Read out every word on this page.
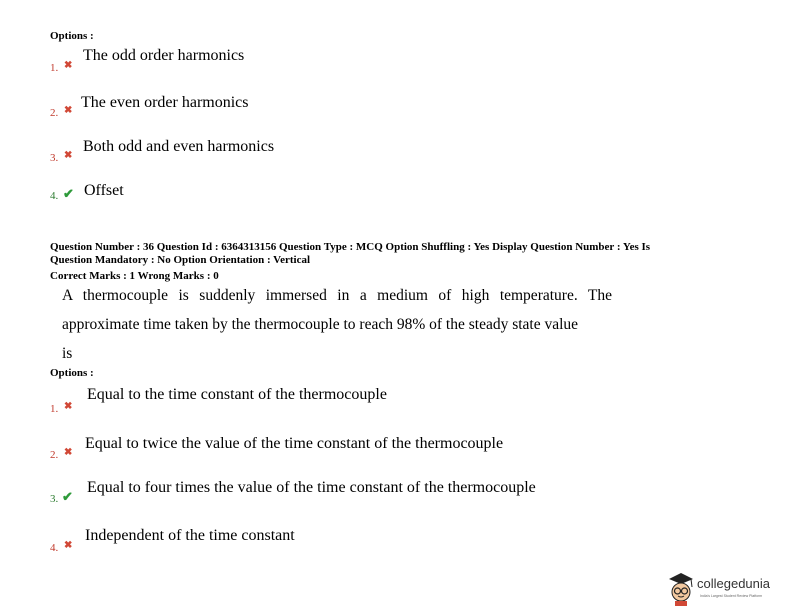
Options :
1. ✖
The odd order harmonics
2. ✖ The even order harmonics
3. ✖
Both odd and even harmonics
4. ✔ Offset
Question Number : 36 Question Id : 6364313156 Question Type : MCQ Option Shuffling : Yes Display Question Number : Yes Is
Question Mandatory : No Option Orientation : Vertical
Correct Marks : 1 Wrong Marks : 0
A thermocouple is suddenly immersed in a medium of high temperature. The
approximate time taken by the thermocouple to reach 98% of the steady state value
is
Options :
1. ✖
Equal to the time constant of the thermocouple
2. ✖
Equal to twice the value of the time constant of the thermocouple
3. ✔
Equal to four times the value of the time constant of the thermocouple
4. ✖
Independent of the time constant
collegedunia
India's Largest Student Review Platform
